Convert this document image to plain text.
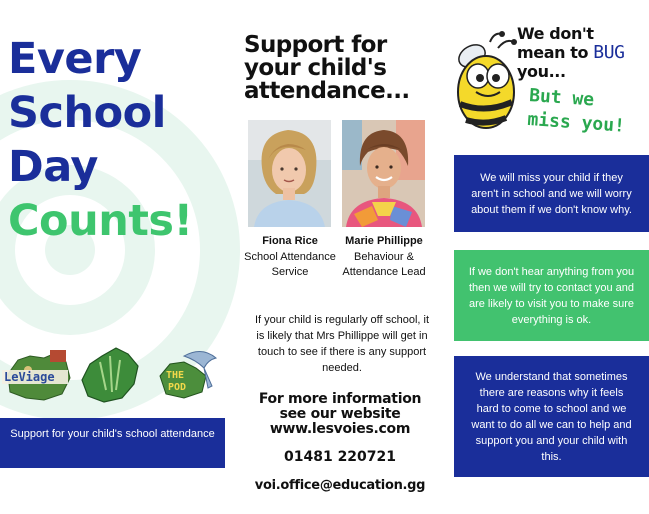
Every
School
Day
Counts!
LeViage	THE POD
Support for your child's school attendance
Support for your child's attendance...
Fiona Rice
School Attendance Service
Marie Phillippe
Behaviour & Attendance Lead
If your child is regularly off school, it is likely that Mrs Phillippe will get in touch to see if there is any support needed.
For more information
see our website
www.lesvoies.com
01481 220721
voi.office@education.gg
We don't
mean to BUG
you...
But we
miss you!
We will miss your child if they aren't in school and we will worry about them if we don't know why.
If we don't hear anything from you then we will try to contact you and are likely to visit you to make sure everything is ok.
We understand that sometimes there are reasons why it feels hard to come to school and we want to do all we can to help and support you and your child with this.
